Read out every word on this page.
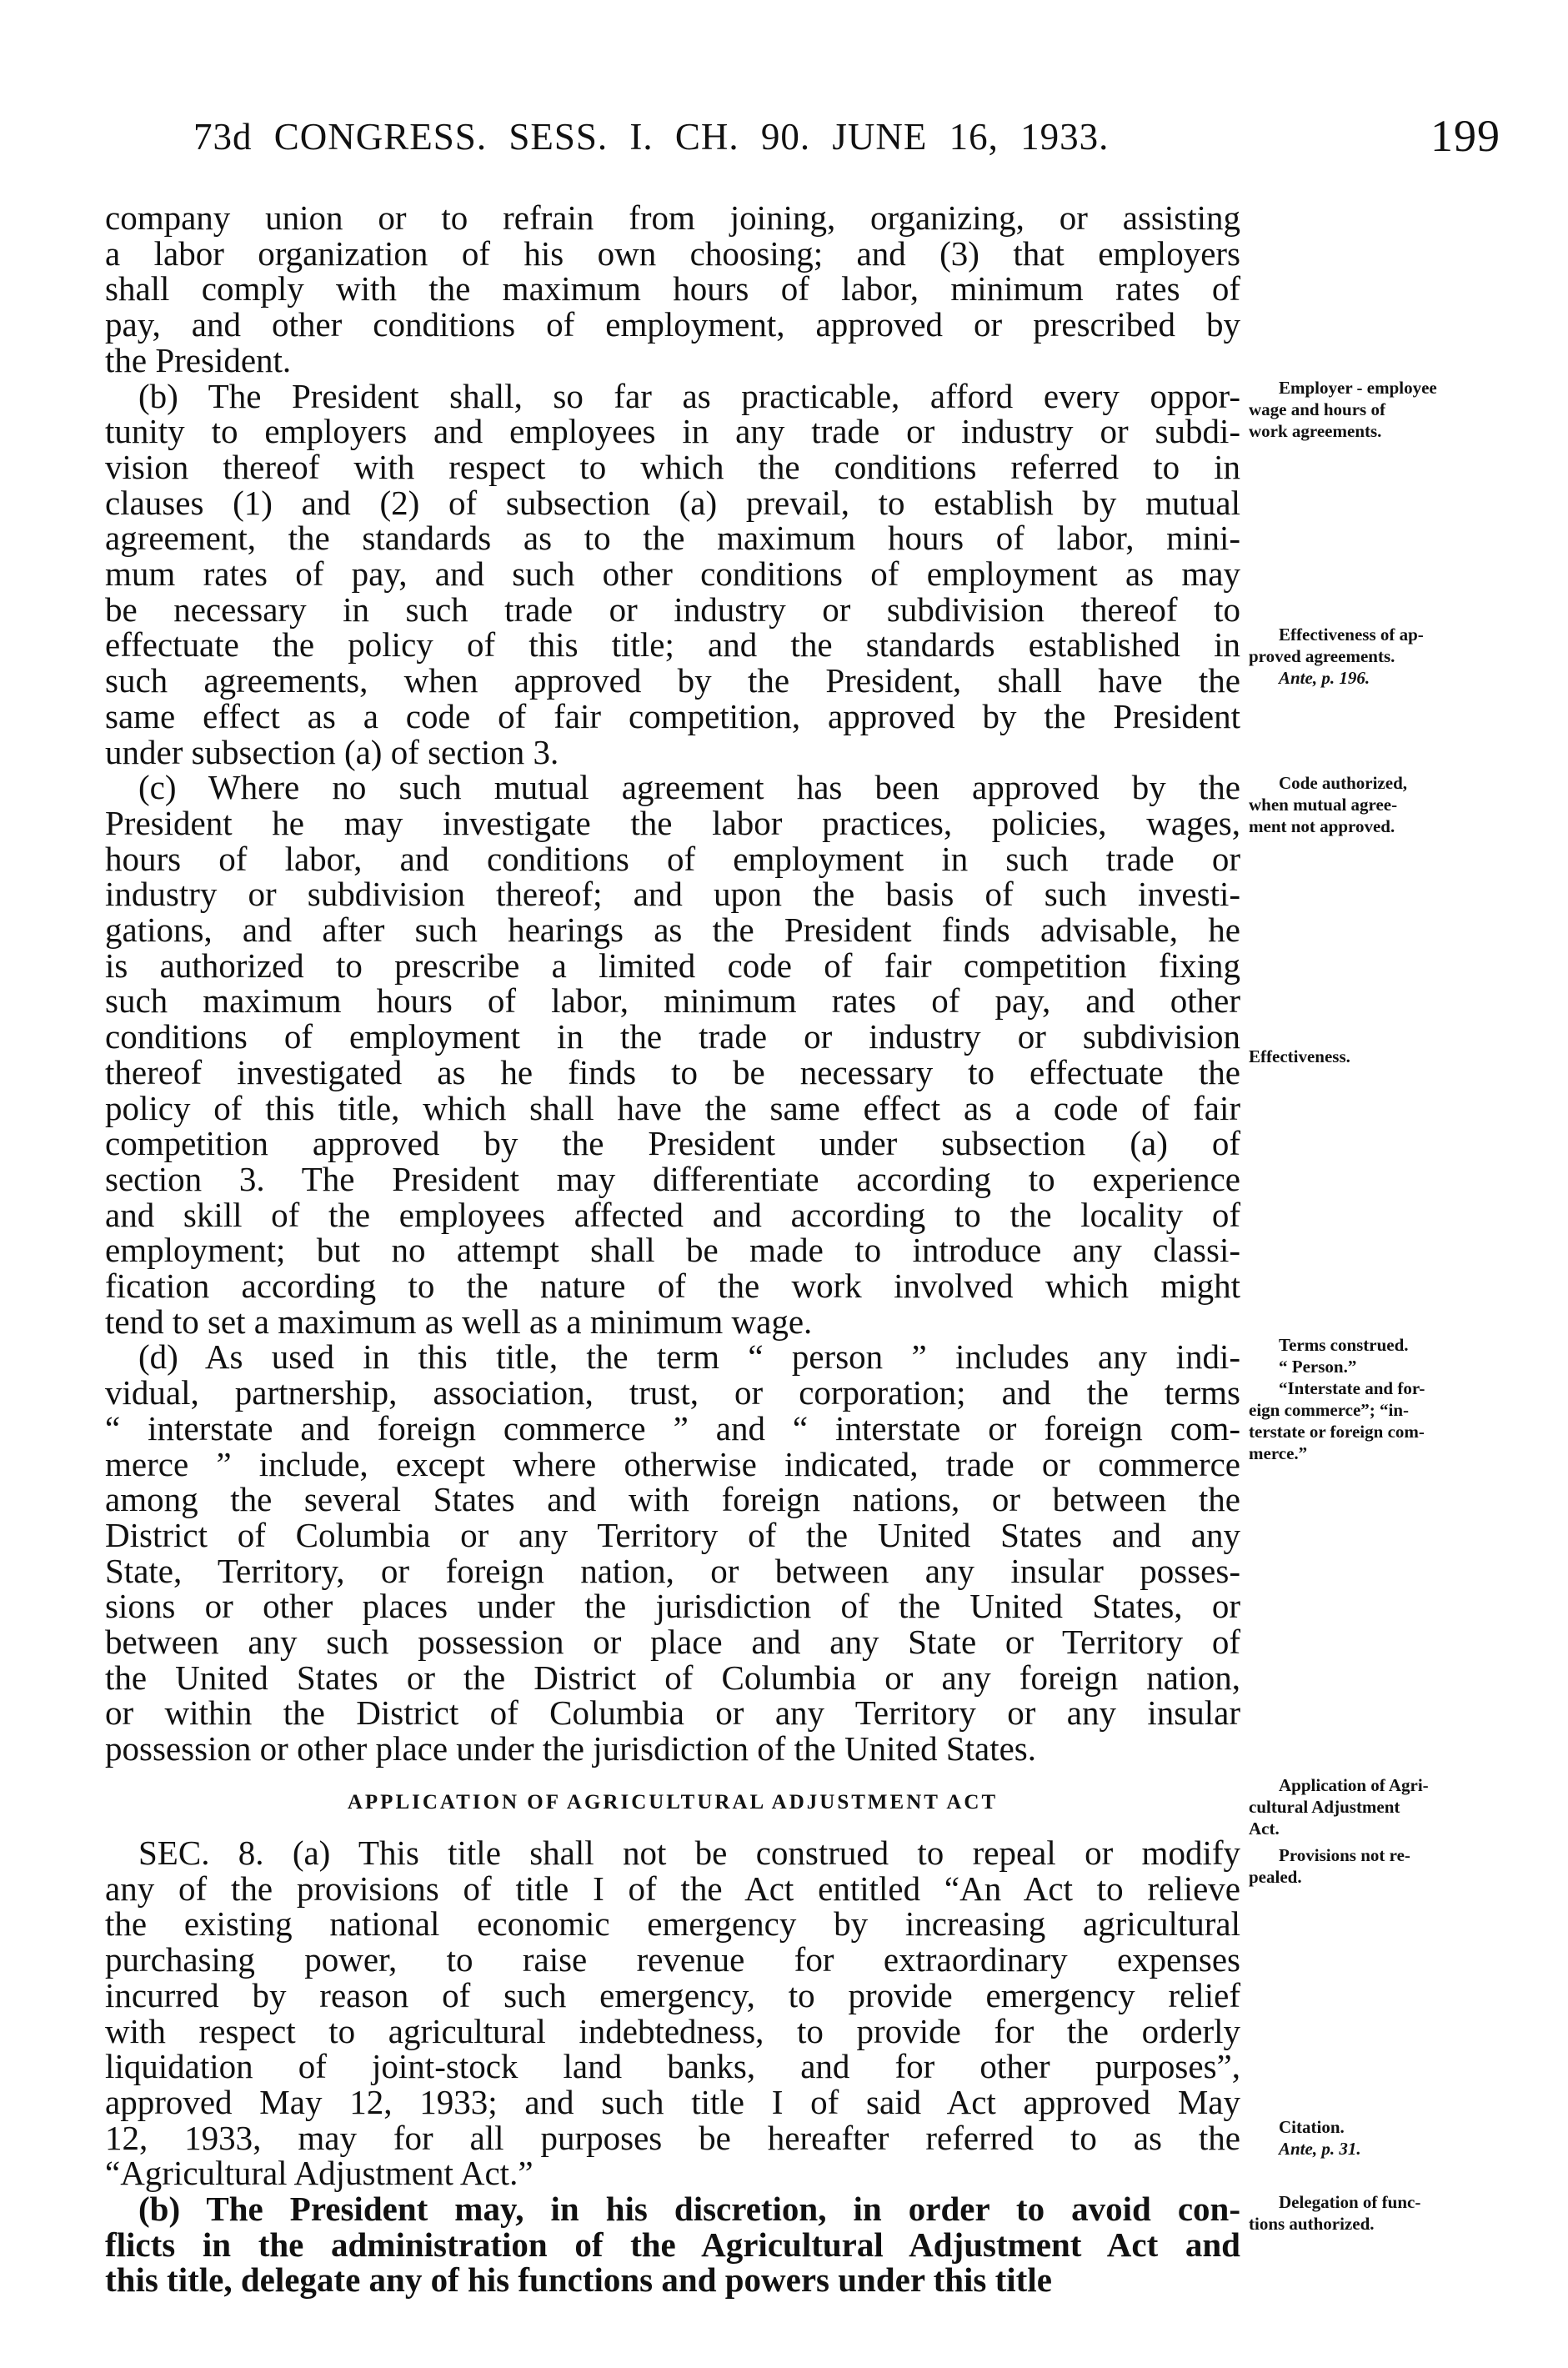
73d CONGRESS. SESS. I. CH. 90. JUNE 16, 1933.	199
company union or to refrain from joining, organizing, or assisting
a labor organization of his own choosing; and (3) that employers
shall comply with the maximum hours of labor, minimum rates of
pay, and other conditions of employment, approved or prescribed by
the President.
(b) The President shall, so far as practicable, afford every oppor-
tunity to employers and employees in any trade or industry or subdi-
vision thereof with respect to which the conditions referred to in
clauses (1) and (2) of subsection (a) prevail, to establish by mutual
agreement, the standards as to the maximum hours of labor, mini-
mum rates of pay, and such other conditions of employment as may
be necessary in such trade or industry or subdivision thereof to
effectuate the policy of this title; and the standards established in
such agreements, when approved by the President, shall have the
same effect as a code of fair competition, approved by the President
under subsection (a) of section 3.
(c) Where no such mutual agreement has been approved by the
President he may investigate the labor practices, policies, wages,
hours of labor, and conditions of employment in such trade or
industry or subdivision thereof; and upon the basis of such investi-
gations, and after such hearings as the President finds advisable, he
is authorized to prescribe a limited code of fair competition fixing
such maximum hours of labor, minimum rates of pay, and other
conditions of employment in the trade or industry or subdivision
thereof investigated as he finds to be necessary to effectuate the
policy of this title, which shall have the same effect as a code of fair
competition approved by the President under subsection (a) of
section 3. The President may differentiate according to experience
and skill of the employees affected and according to the locality of
employment; but no attempt shall be made to introduce any classi-
fication according to the nature of the work involved which might
tend to set a maximum as well as a minimum wage.
(d) As used in this title, the term “ person ” includes any indi-
vidual, partnership, association, trust, or corporation; and the terms
“ interstate and foreign commerce ” and “ interstate or foreign com-
merce ” include, except where otherwise indicated, trade or commerce
among the several States and with foreign nations, or between the
District of Columbia or any Territory of the United States and any
State, Territory, or foreign nation, or between any insular posses-
sions or other places under the jurisdiction of the United States, or
between any such possession or place and any State or Territory of
the United States or the District of Columbia or any foreign nation,
or within the District of Columbia or any Territory or any insular
possession or other place under the jurisdiction of the United States.
APPLICATION OF AGRICULTURAL ADJUSTMENT ACT
SEC. 8. (a) This title shall not be construed to repeal or modify
any of the provisions of title I of the Act entitled “An Act to relieve
the existing national economic emergency by increasing agricultural
purchasing power, to raise revenue for extraordinary expenses
incurred by reason of such emergency, to provide emergency relief
with respect to agricultural indebtedness, to provide for the orderly
liquidation of joint-stock land banks, and for other purposes”,
approved May 12, 1933; and such title I of said Act approved May
12, 1933, may for all purposes be hereafter referred to as the
“Agricultural Adjustment Act.”
(b) The President may, in his discretion, in order to avoid con-
flicts in the administration of the Agricultural Adjustment Act and
this title, delegate any of his functions and powers under this title
Employer - employee
wage and hours of
work agreements.
Effectiveness of ap-
proved agreements.
Ante, p. 196.
Code authorized,
when mutual agree-
ment not approved.
Effectiveness.
Terms construed.
“ Person.”
“Interstate and for-
eign commerce”; “in-
terstate or foreign com-
merce.”
Application of Agri-
cultural Adjustment
Act.
Provisions not re-
pealed.
Citation.
Ante, p. 31.
Delegation of func-
tions authorized.
